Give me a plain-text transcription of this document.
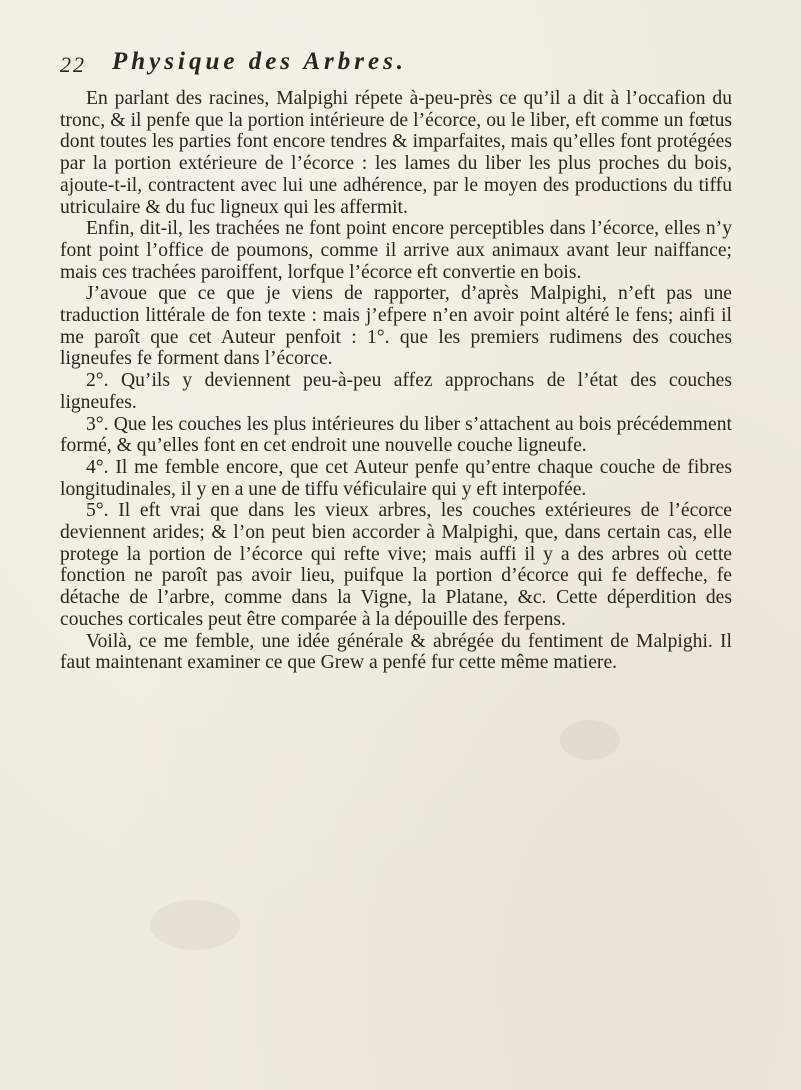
22 Physique des Arbres.

En parlant des racines, Malpighi répete à-peu-près ce qu’il a dit à l’occafion du tronc, & il penfe que la portion intérieure de l’écorce, ou le liber, eft comme un fœtus dont toutes les parties font encore tendres & imparfaites, mais qu’elles font protégées par la portion extérieure de l’écorce : les lames du liber les plus proches du bois, ajoute-t-il, contractent avec lui une adhérence, par le moyen des productions du tiffu utriculaire & du fuc ligneux qui les affermit.

Enfin, dit-il, les trachées ne font point encore perceptibles dans l’écorce, elles n’y font point l’office de poumons, comme il arrive aux animaux avant leur naiffance; mais ces trachées paroiffent, lorfque l’écorce eft convertie en bois.

J’avoue que ce que je viens de rapporter, d’après Malpighi, n’eft pas une traduction littérale de fon texte : mais j’efpere n’en avoir point altéré le fens; ainfi il me paroît que cet Auteur penfoit : 1°. que les premiers rudimens des couches ligneufes fe forment dans l’écorce.

2°. Qu’ils y deviennent peu-à-peu affez approchans de l’état des couches ligneufes.

3°. Que les couches les plus intérieures du liber s’attachent au bois précédemment formé, & qu’elles font en cet endroit une nouvelle couche ligneufe.

4°. Il me femble encore, que cet Auteur penfe qu’entre chaque couche de fibres longitudinales, il y en a une de tiffu véficulaire qui y eft interpofée.

5°. Il eft vrai que dans les vieux arbres, les couches extérieures de l’écorce deviennent arides; & l’on peut bien accorder à Malpighi, que, dans certain cas, elle protege la portion de l’écorce qui refte vive; mais auffi il y a des arbres où cette fonction ne paroît pas avoir lieu, puifque la portion d’écorce qui fe deffeche, fe détache de l’arbre, comme dans la Vigne, la Platane, &c. Cette déperdition des couches corticales peut être comparée à la dépouille des ferpens.

Voilà, ce me femble, une idée générale & abrégée du fentiment de Malpighi. Il faut maintenant examiner ce que Grew a penfé fur cette même matiere.
